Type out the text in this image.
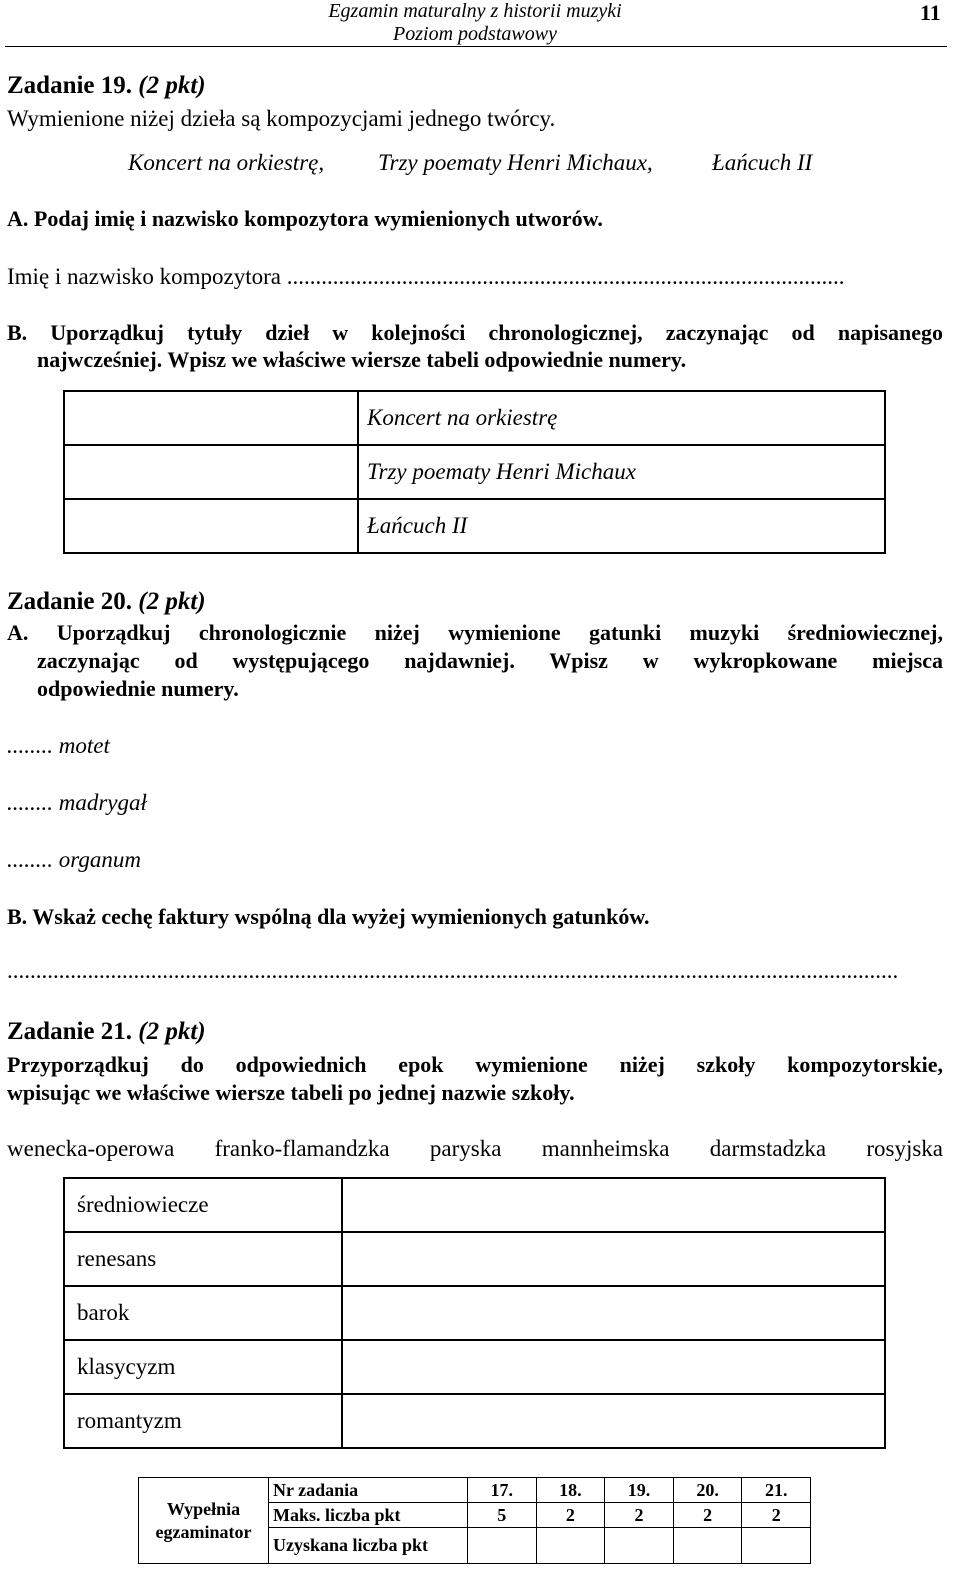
Egzamin maturalny z historii muzyki
Poziom podstawowy
11
Zadanie 19. (2 pkt)
Wymienione niżej dzieła są kompozycjami jednego twórcy.
Koncert na orkiestrę, Trzy poematy Henri Michaux,	Łańcuch II
A. Podaj imię i nazwisko kompozytora wymienionych utworów.
Imię i nazwisko kompozytora .................................................................................................
B. Uporządkuj tytuły dzieł w kolejności chronologicznej, zaczynając od napisanego
najwcześniej. Wpisz we właściwe wiersze tabeli odpowiednie numery.
	Koncert na orkiestrę
	Trzy poematy Henri Michaux
	Łańcuch II
Zadanie 20. (2 pkt)
A. Uporządkuj chronologicznie niżej wymienione gatunki muzyki średniowiecznej,
zaczynając od występującego najdawniej. Wpisz w wykropkowane miejsca
odpowiednie numery.
........ motet
........ madrygał
........ organum
B. Wskaż cechę faktury wspólną dla wyżej wymienionych gatunków.
...........................................................................................................................................................
Zadanie 21. (2 pkt)
Przyporządkuj do odpowiednich epok wymienione niżej szkoły kompozytorskie,
wpisując we właściwe wiersze tabeli po jednej nazwie szkoły.
wenecka-operowa franko-flamandzka paryska mannheimska darmstadzka rosyjska
średniowiecze	
renesans	
barok	
klasycyzm	
romantyzm	
Wypełnia
egzaminator	Nr zadania	17.	18.	19.	20.	21.
	Maks. liczba pkt	5	2	2	2	2
	Uzyskana liczba pkt					
